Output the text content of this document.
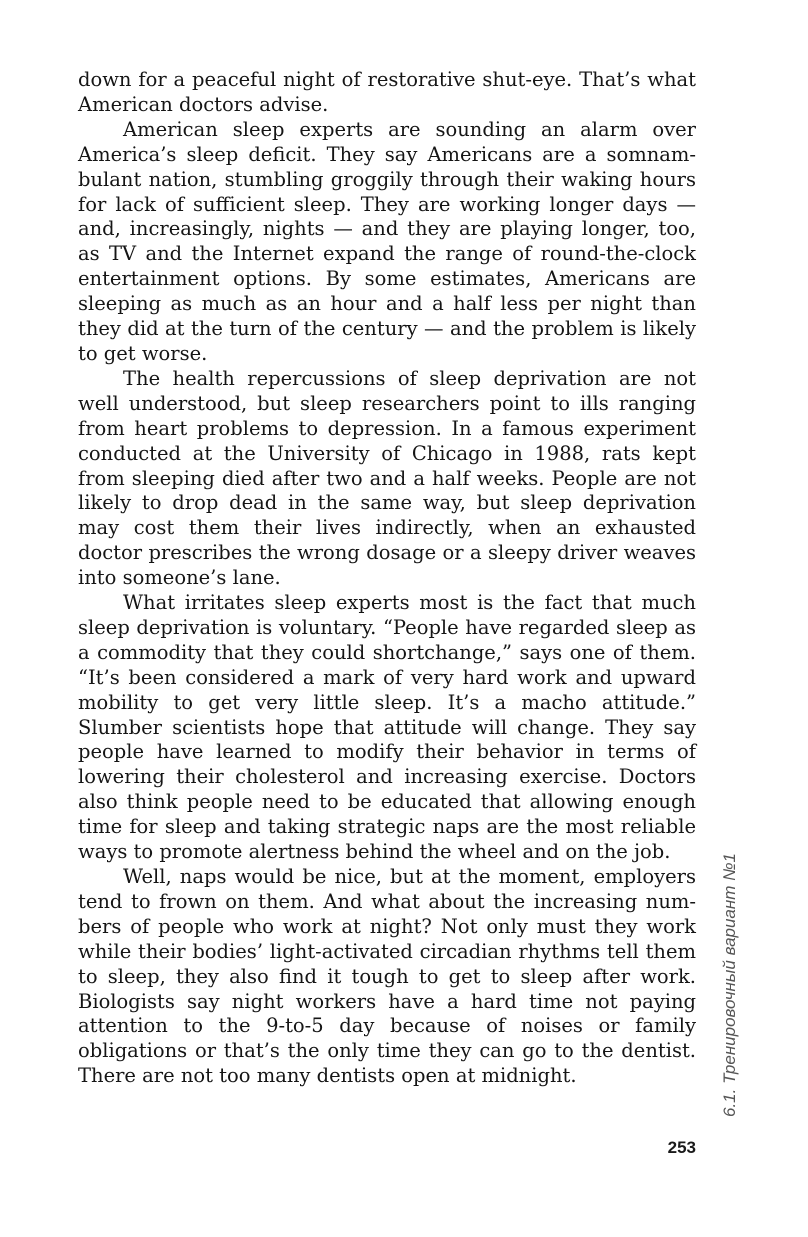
down for a peaceful night of restorative shut-eye. That’s what American doctors advise.

American sleep experts are sounding an alarm over America’s sleep deficit. They say Americans are a somnambulant nation, stumbling groggily through their waking hours for lack of sufficient sleep. They are working longer days — and, increasingly, nights — and they are playing longer, too, as TV and the Internet expand the range of round-the-clock entertainment options. By some estimates, Americans are sleeping as much as an hour and a half less per night than they did at the turn of the century — and the problem is likely to get worse.

The health repercussions of sleep deprivation are not well understood, but sleep researchers point to ills ranging from heart problems to depression. In a famous experiment conducted at the University of Chicago in 1988, rats kept from sleeping died after two and a half weeks. People are not likely to drop dead in the same way, but sleep deprivation may cost them their lives indirectly, when an exhausted doctor prescribes the wrong dosage or a sleepy driver weaves into someone’s lane.

What irritates sleep experts most is the fact that much sleep deprivation is voluntary. “People have regarded sleep as a commodity that they could shortchange,” says one of them. “It’s been considered a mark of very hard work and upward mobility to get very little sleep. It’s a macho attitude.” Slumber scientists hope that attitude will change. They say people have learned to modify their behavior in terms of lowering their cholesterol and increasing exercise. Doctors also think people need to be educated that allowing enough time for sleep and taking strategic naps are the most reliable ways to promote alertness behind the wheel and on the job.

Well, naps would be nice, but at the moment, employers tend to frown on them. And what about the increasing numbers of people who work at night? Not only must they work while their bodies’ light-activated circadian rhythms tell them to sleep, they also find it tough to get to sleep after work. Biologists say night workers have a hard time not paying attention to the 9-to-5 day because of noises or family obligations or that’s the only time they can go to the dentist. There are not too many dentists open at midnight.

253
6.1. Тренировочный вариант №1
